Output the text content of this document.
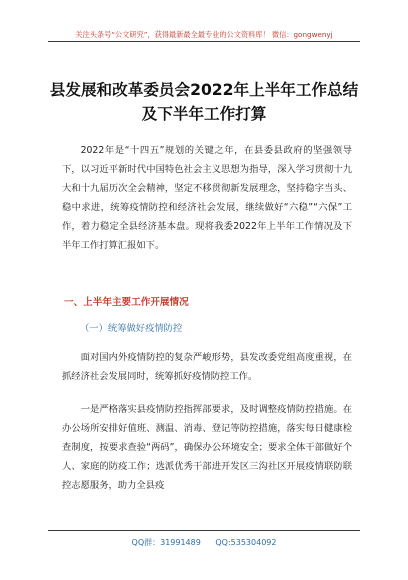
关注头条号“公文研究”，获得最新最全最专业的公文资料库！ 微信：gongwenyj
县发展和改革委员会2022年上半年工作总结
及下半年工作打算
2022年是“十四五”规划的关键之年，在县委县政府的坚强领导下，以习近平新时代中国特色社会主义思想为指导，深入学习贯彻十九大和十九届历次全会精神，坚定不移贯彻新发展理念，坚持稳字当头、稳中求进，统筹疫情防控和经济社会发展，继续做好“六稳”“六保”工作，着力稳定全县经济基本盘。现将我委2022年上半年工作情况及下半年工作打算汇报如下。
一、上半年主要工作开展情况
（一）统筹做好疫情防控
面对国内外疫情防控的复杂严峻形势，县发改委党组高度重视，在抓经济社会发展同时，统筹抓好疫情防控工作。
一是严格落实县疫情防控指挥部要求，及时调整疫情防控措施。在办公场所安排好值班、测温、消毒、登记等防控措施，落实每日健康检查制度，按要求查验“两码”，确保办公环境安全；要求全体干部做好个人、家庭的防疫工作；选派优秀干部进开发区三沟社区开展疫情联防联控志愿服务，助力全县疫
QQ群：31991489 QQ:535304092
